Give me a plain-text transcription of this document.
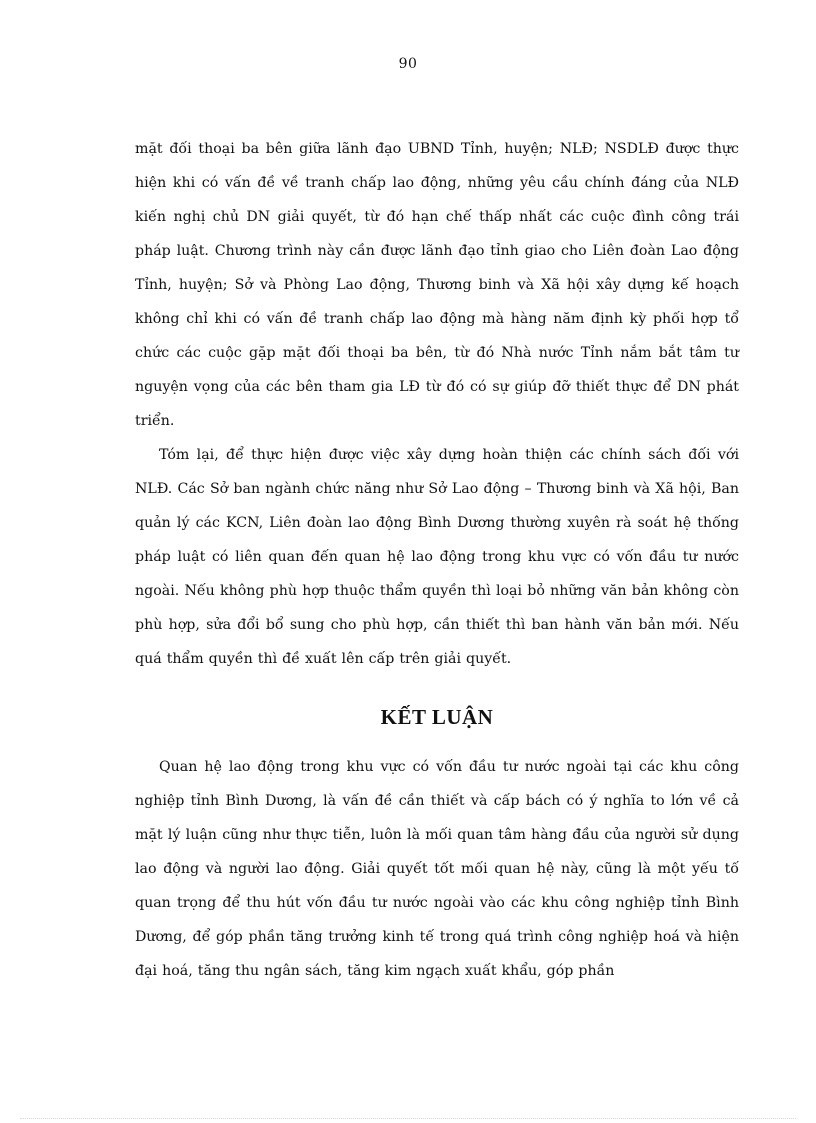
90

mặt đối thoại ba bên giữa lãnh đạo UBND Tỉnh, huyện; NLĐ; NSDLĐ được thực hiện khi có vấn đề về tranh chấp lao động, những yêu cầu chính đáng của NLĐ kiến nghị chủ DN giải quyết, từ đó hạn chế thấp nhất các cuộc đình công trái pháp luật. Chương trình này cần được lãnh đạo tỉnh giao cho Liên đoàn Lao động Tỉnh, huyện; Sở và Phòng Lao động, Thương binh và Xã hội xây dựng kế hoạch không chỉ khi có vấn đề tranh chấp lao động mà hàng năm định kỳ phối hợp tổ chức các cuộc gặp mặt đối thoại ba bên, từ đó Nhà nước Tỉnh nắm bắt tâm tư nguyện vọng của các bên tham gia LĐ từ đó có sự giúp đỡ thiết thực để DN phát triển.

Tóm lại, để thực hiện được việc xây dựng hoàn thiện các chính sách đối với NLĐ. Các Sở ban ngành chức năng như Sở Lao động – Thương binh và Xã hội, Ban quản lý các KCN, Liên đoàn lao động Bình Dương thường xuyên rà soát hệ thống pháp luật có liên quan đến quan hệ lao động trong khu vực có vốn đầu tư nước ngoài. Nếu không phù hợp thuộc thẩm quyền thì loại bỏ những văn bản không còn phù hợp, sửa đổi bổ sung cho phù hợp, cần thiết thì ban hành văn bản mới. Nếu quá thẩm quyền thì đề xuất lên cấp trên giải quyết.

KẾT LUẬN

Quan hệ lao động trong khu vực có vốn đầu tư nước ngoài tại các khu công nghiệp tỉnh Bình Dương, là vấn đề cần thiết và cấp bách có ý nghĩa to lớn về cả mặt lý luận cũng như thực tiễn, luôn là mối quan tâm hàng đầu của người sử dụng lao động và người lao động. Giải quyết tốt mối quan hệ này, cũng là một yếu tố quan trọng để thu hút vốn đầu tư nước ngoài vào các khu công nghiệp tỉnh Bình Dương, để góp phần tăng trưởng kinh tế trong quá trình công nghiệp hoá và hiện đại hoá, tăng thu ngân sách, tăng kim ngạch xuất khẩu, góp phần
